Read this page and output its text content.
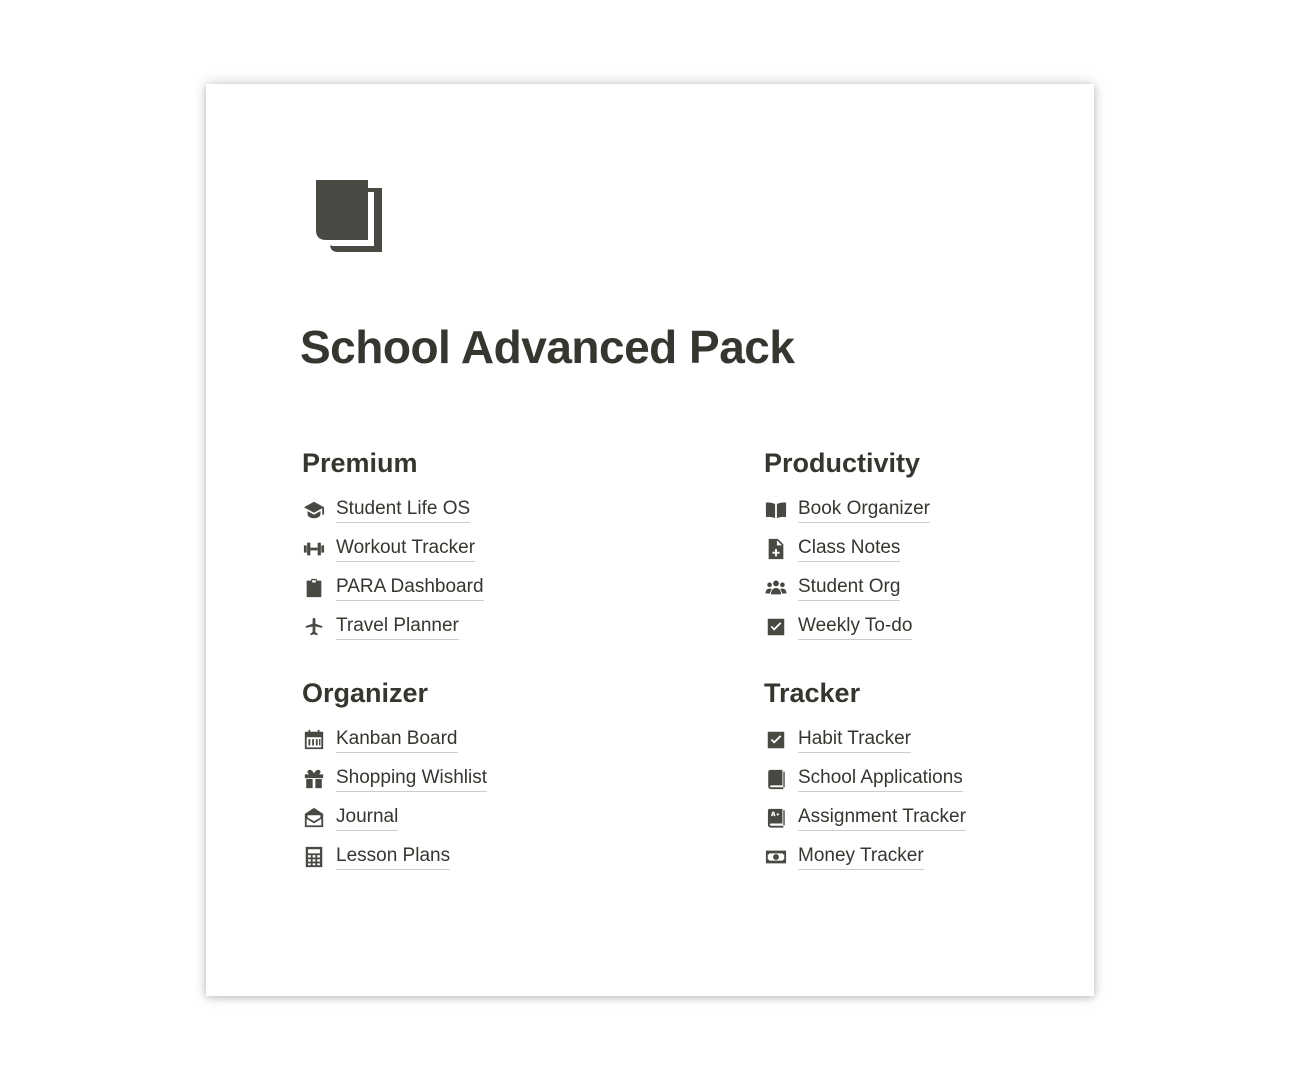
School Advanced Pack
Premium
Student Life OS
Workout Tracker
PARA Dashboard
Travel Planner
Productivity
Book Organizer
Class Notes
Student Org
Weekly To-do
Organizer
Kanban Board
Shopping Wishlist
Journal
Lesson Plans
Tracker
Habit Tracker
School Applications
Assignment Tracker
Money Tracker
